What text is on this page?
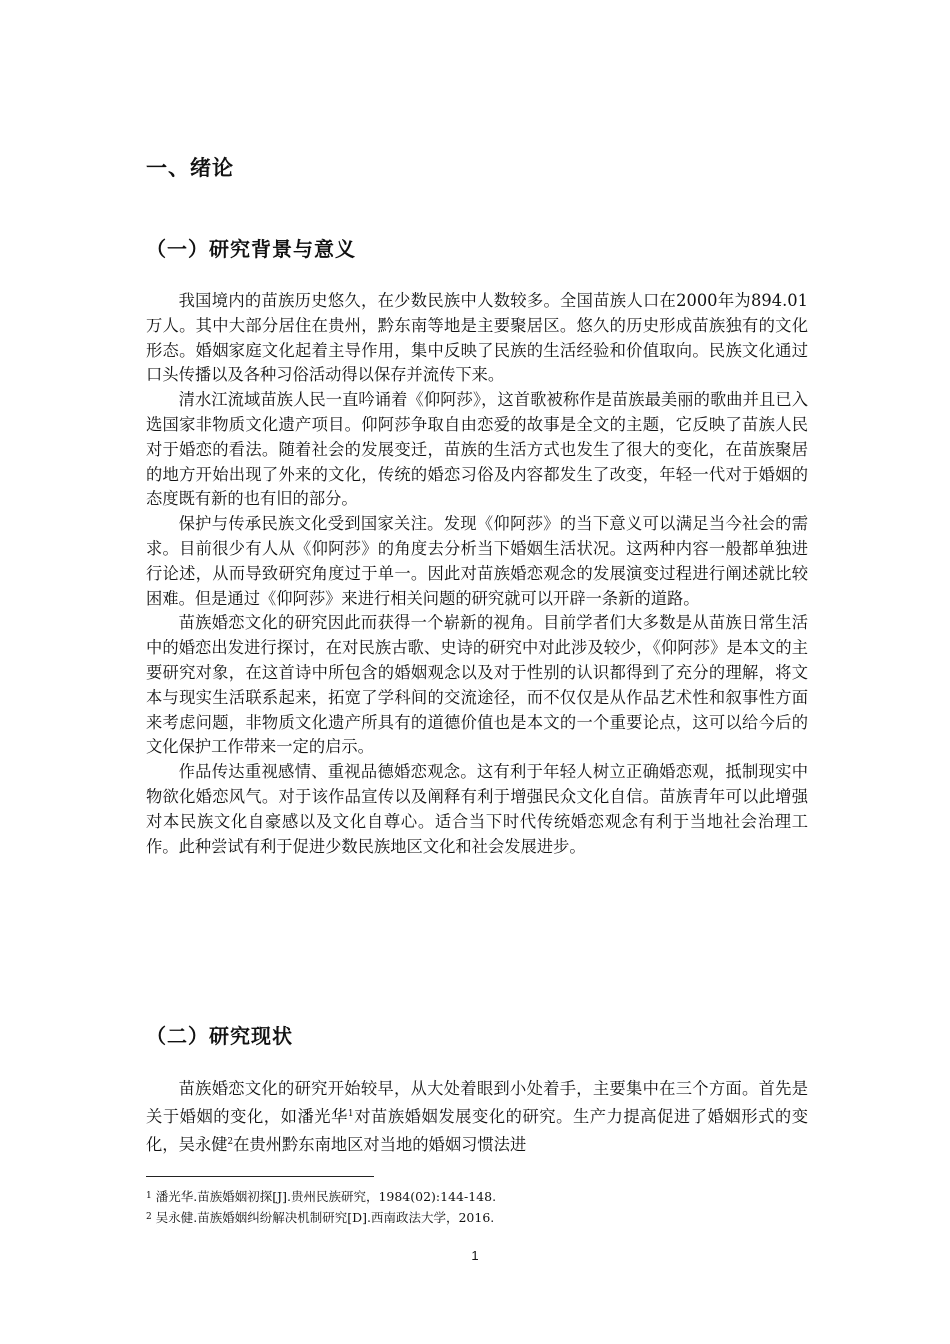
一、绪论
（一）研究背景与意义

我国境内的苗族历史悠久，在少数民族中人数较多。全国苗族人口在2000年为894.01万人。其中大部分居住在贵州，黔东南等地是主要聚居区。悠久的历史形成苗族独有的文化形态。婚姻家庭文化起着主导作用，集中反映了民族的生活经验和价值取向。民族文化通过口头传播以及各种习俗活动得以保存并流传下来。

清水江流域苗族人民一直吟诵着《仰阿莎》，这首歌被称作是苗族最美丽的歌曲并且已入选国家非物质文化遗产项目。仰阿莎争取自由恋爱的故事是全文的主题，它反映了苗族人民对于婚恋的看法。随着社会的发展变迁，苗族的生活方式也发生了很大的变化，在苗族聚居的地方开始出现了外来的文化，传统的婚恋习俗及内容都发生了改变，年轻一代对于婚姻的态度既有新的也有旧的部分。

保护与传承民族文化受到国家关注。发现《仰阿莎》的当下意义可以满足当今社会的需求。目前很少有人从《仰阿莎》的角度去分析当下婚姻生活状况。这两种内容一般都单独进行论述，从而导致研究角度过于单一。因此对苗族婚恋观念的发展演变过程进行阐述就比较困难。但是通过《仰阿莎》来进行相关问题的研究就可以开辟一条新的道路。

苗族婚恋文化的研究因此而获得一个崭新的视角。目前学者们大多数是从苗族日常生活中的婚恋出发进行探讨，在对民族古歌、史诗的研究中对此涉及较少，《仰阿莎》是本文的主要研究对象，在这首诗中所包含的婚姻观念以及对于性别的认识都得到了充分的理解，将文本与现实生活联系起来，拓宽了学科间的交流途径，而不仅仅是从作品艺术性和叙事性方面来考虑问题，非物质文化遗产所具有的道德价值也是本文的一个重要论点，这可以给今后的文化保护工作带来一定的启示。

作品传达重视感情、重视品德婚恋观念。这有利于年轻人树立正确婚恋观，抵制现实中物欲化婚恋风气。对于该作品宣传以及阐释有利于增强民众文化自信。苗族青年可以此增强对本民族文化自豪感以及文化自尊心。适合当下时代传统婚恋观念有利于当地社会治理工作。此种尝试有利于促进少数民族地区文化和社会发展进步。

（二）研究现状

苗族婚恋文化的研究开始较早，从大处着眼到小处着手，主要集中在三个方面。首先是关于婚姻的变化，如潘光华$^1$对苗族婚姻发展变化的研究。生产力提高促进了婚姻形式的变化，吴永健$^2$在贵州黔东南地区对当地的婚姻习惯法进

$^1$ 潘光华.苗族婚姻初探[J].贵州民族研究，1984(02):144-148.
$^2$ 吴永健.苗族婚姻纠纷解决机制研究[D].西南政法大学，2016.
1
